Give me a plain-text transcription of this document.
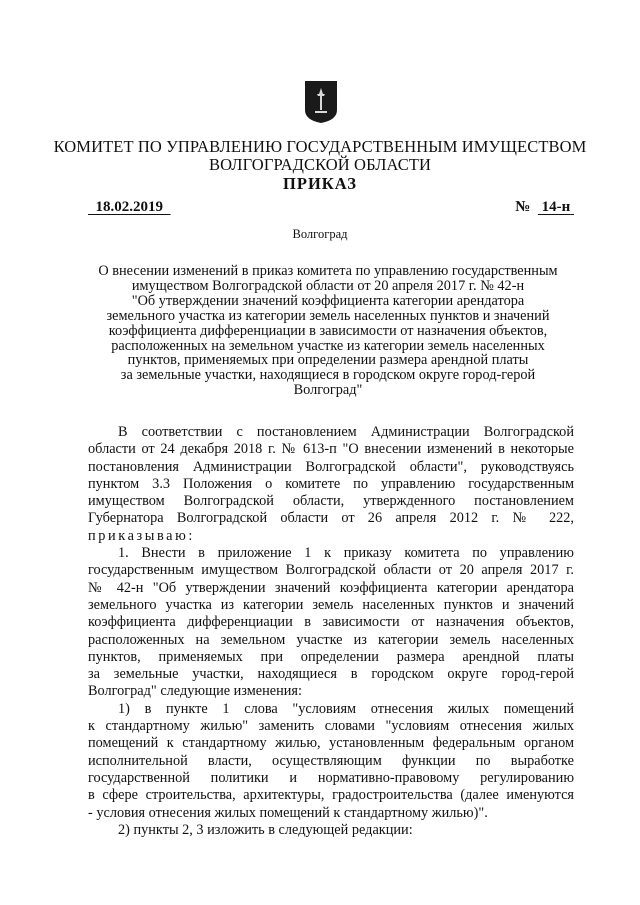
КОМИТЕТ ПО УПРАВЛЕНИЮ ГОСУДАРСТВЕННЫМ ИМУЩЕСТВОМ
ВОЛГОГРАДСКОЙ ОБЛАСТИ
ПРИКАЗ
18.02.2019	№ 14-н
Волгоград
О внесении изменений в приказ комитета по управлению государственным
имуществом Волгоградской области от 20 апреля 2017 г. № 42-н
"Об утверждении значений коэффициента категории арендатора
земельного участка из категории земель населенных пунктов и значений
коэффициента дифференциации в зависимости от назначения объектов,
расположенных на земельном участке из категории земель населенных
пунктов, применяемых при определении размера арендной платы
за земельные участки, находящиеся в городском округе город-герой
Волгоград"
В соответствии с постановлением Администрации Волгоградской
области от 24 декабря 2018 г. № 613-п "О внесении изменений в некоторые
постановления Администрации Волгоградской области", руководствуясь
пунктом 3.3 Положения о комитете по управлению государственным
имуществом Волгоградской области, утвержденного постановлением
Губернатора Волгоградской области от 26 апреля 2012 г. № 222,
приказываю:
1. Внести в приложение 1 к приказу комитета по управлению
государственным имуществом Волгоградской области от 20 апреля 2017 г.
№ 42-н "Об утверждении значений коэффициента категории арендатора
земельного участка из категории земель населенных пунктов и значений
коэффициента дифференциации в зависимости от назначения объектов,
расположенных на земельном участке из категории земель населенных
пунктов, применяемых при определении размера арендной платы
за земельные участки, находящиеся в городском округе город-герой
Волгоград" следующие изменения:
1) в пункте 1 слова "условиям отнесения жилых помещений
к стандартному жилью" заменить словами "условиям отнесения жилых
помещений к стандартному жилью, установленным федеральным органом
исполнительной власти, осуществляющим функции по выработке
государственной политики и нормативно-правовому регулированию
в сфере строительства, архитектуры, градостроительства (далее именуются
- условия отнесения жилых помещений к стандартному жилью)".
2) пункты 2, 3 изложить в следующей редакции:
